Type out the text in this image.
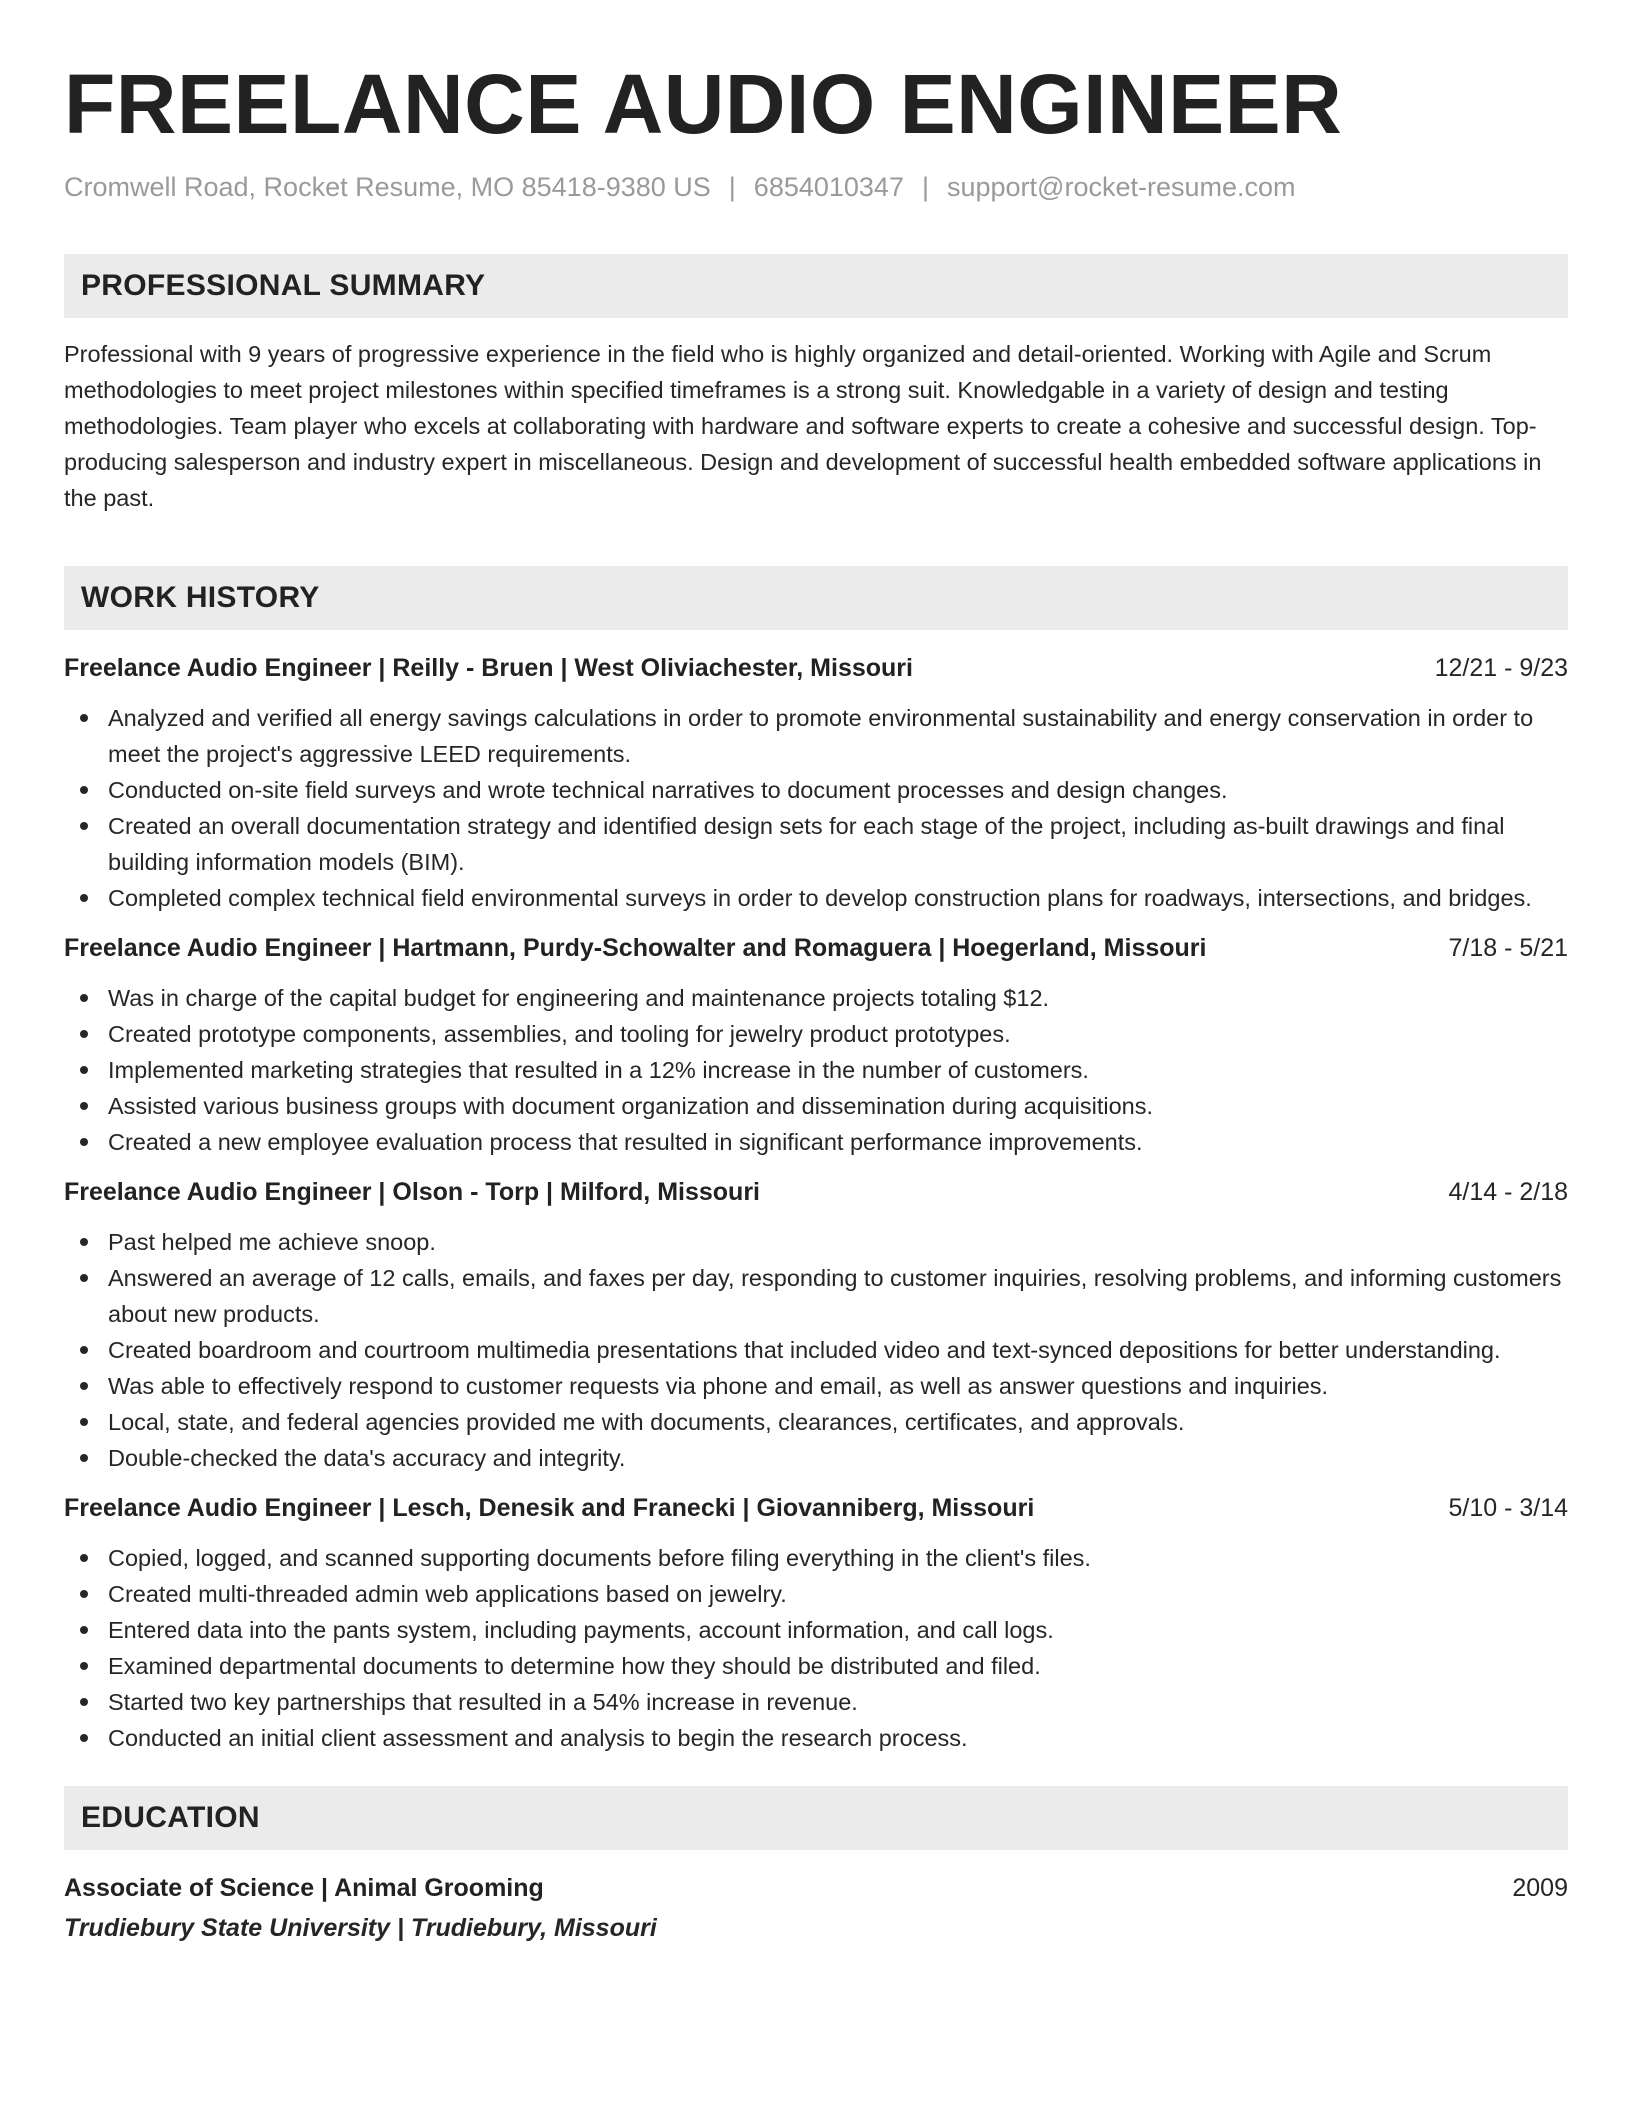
FREELANCE AUDIO ENGINEER
Cromwell Road, Rocket Resume, MO 85418-9380 US | 6854010347 | support@rocket-resume.com
PROFESSIONAL SUMMARY

Professional with 9 years of progressive experience in the field who is highly organized and detail-oriented. Working with Agile and Scrum methodologies to meet project milestones within specified timeframes is a strong suit. Knowledgable in a variety of design and testing methodologies. Team player who excels at collaborating with hardware and software experts to create a cohesive and successful design. Top-producing salesperson and industry expert in miscellaneous. Design and development of successful health embedded software applications in the past.

WORK HISTORY
Freelance Audio Engineer | Reilly - Bruen | West Oliviachester, Missouri	12/21 - 9/23
Analyzed and verified all energy savings calculations in order to promote environmental sustainability and energy conservation in order to meet the project's aggressive LEED requirements.
Conducted on-site field surveys and wrote technical narratives to document processes and design changes.
Created an overall documentation strategy and identified design sets for each stage of the project, including as-built drawings and final building information models (BIM).
Completed complex technical field environmental surveys in order to develop construction plans for roadways, intersections, and bridges.
Freelance Audio Engineer | Hartmann, Purdy-Schowalter and Romaguera | Hoegerland, Missouri	7/18 - 5/21
Was in charge of the capital budget for engineering and maintenance projects totaling $12.
Created prototype components, assemblies, and tooling for jewelry product prototypes.
Implemented marketing strategies that resulted in a 12% increase in the number of customers.
Assisted various business groups with document organization and dissemination during acquisitions.
Created a new employee evaluation process that resulted in significant performance improvements.
Freelance Audio Engineer | Olson - Torp | Milford, Missouri	4/14 - 2/18
Past helped me achieve snoop.
Answered an average of 12 calls, emails, and faxes per day, responding to customer inquiries, resolving problems, and informing customers about new products.
Created boardroom and courtroom multimedia presentations that included video and text-synced depositions for better understanding.
Was able to effectively respond to customer requests via phone and email, as well as answer questions and inquiries.
Local, state, and federal agencies provided me with documents, clearances, certificates, and approvals.
Double-checked the data's accuracy and integrity.
Freelance Audio Engineer | Lesch, Denesik and Franecki | Giovanniberg, Missouri	5/10 - 3/14
Copied, logged, and scanned supporting documents before filing everything in the client's files.
Created multi-threaded admin web applications based on jewelry.
Entered data into the pants system, including payments, account information, and call logs.
Examined departmental documents to determine how they should be distributed and filed.
Started two key partnerships that resulted in a 54% increase in revenue.
Conducted an initial client assessment and analysis to begin the research process.
EDUCATION
Associate of Science | Animal Grooming	2009
Trudiebury State University | Trudiebury, Missouri
